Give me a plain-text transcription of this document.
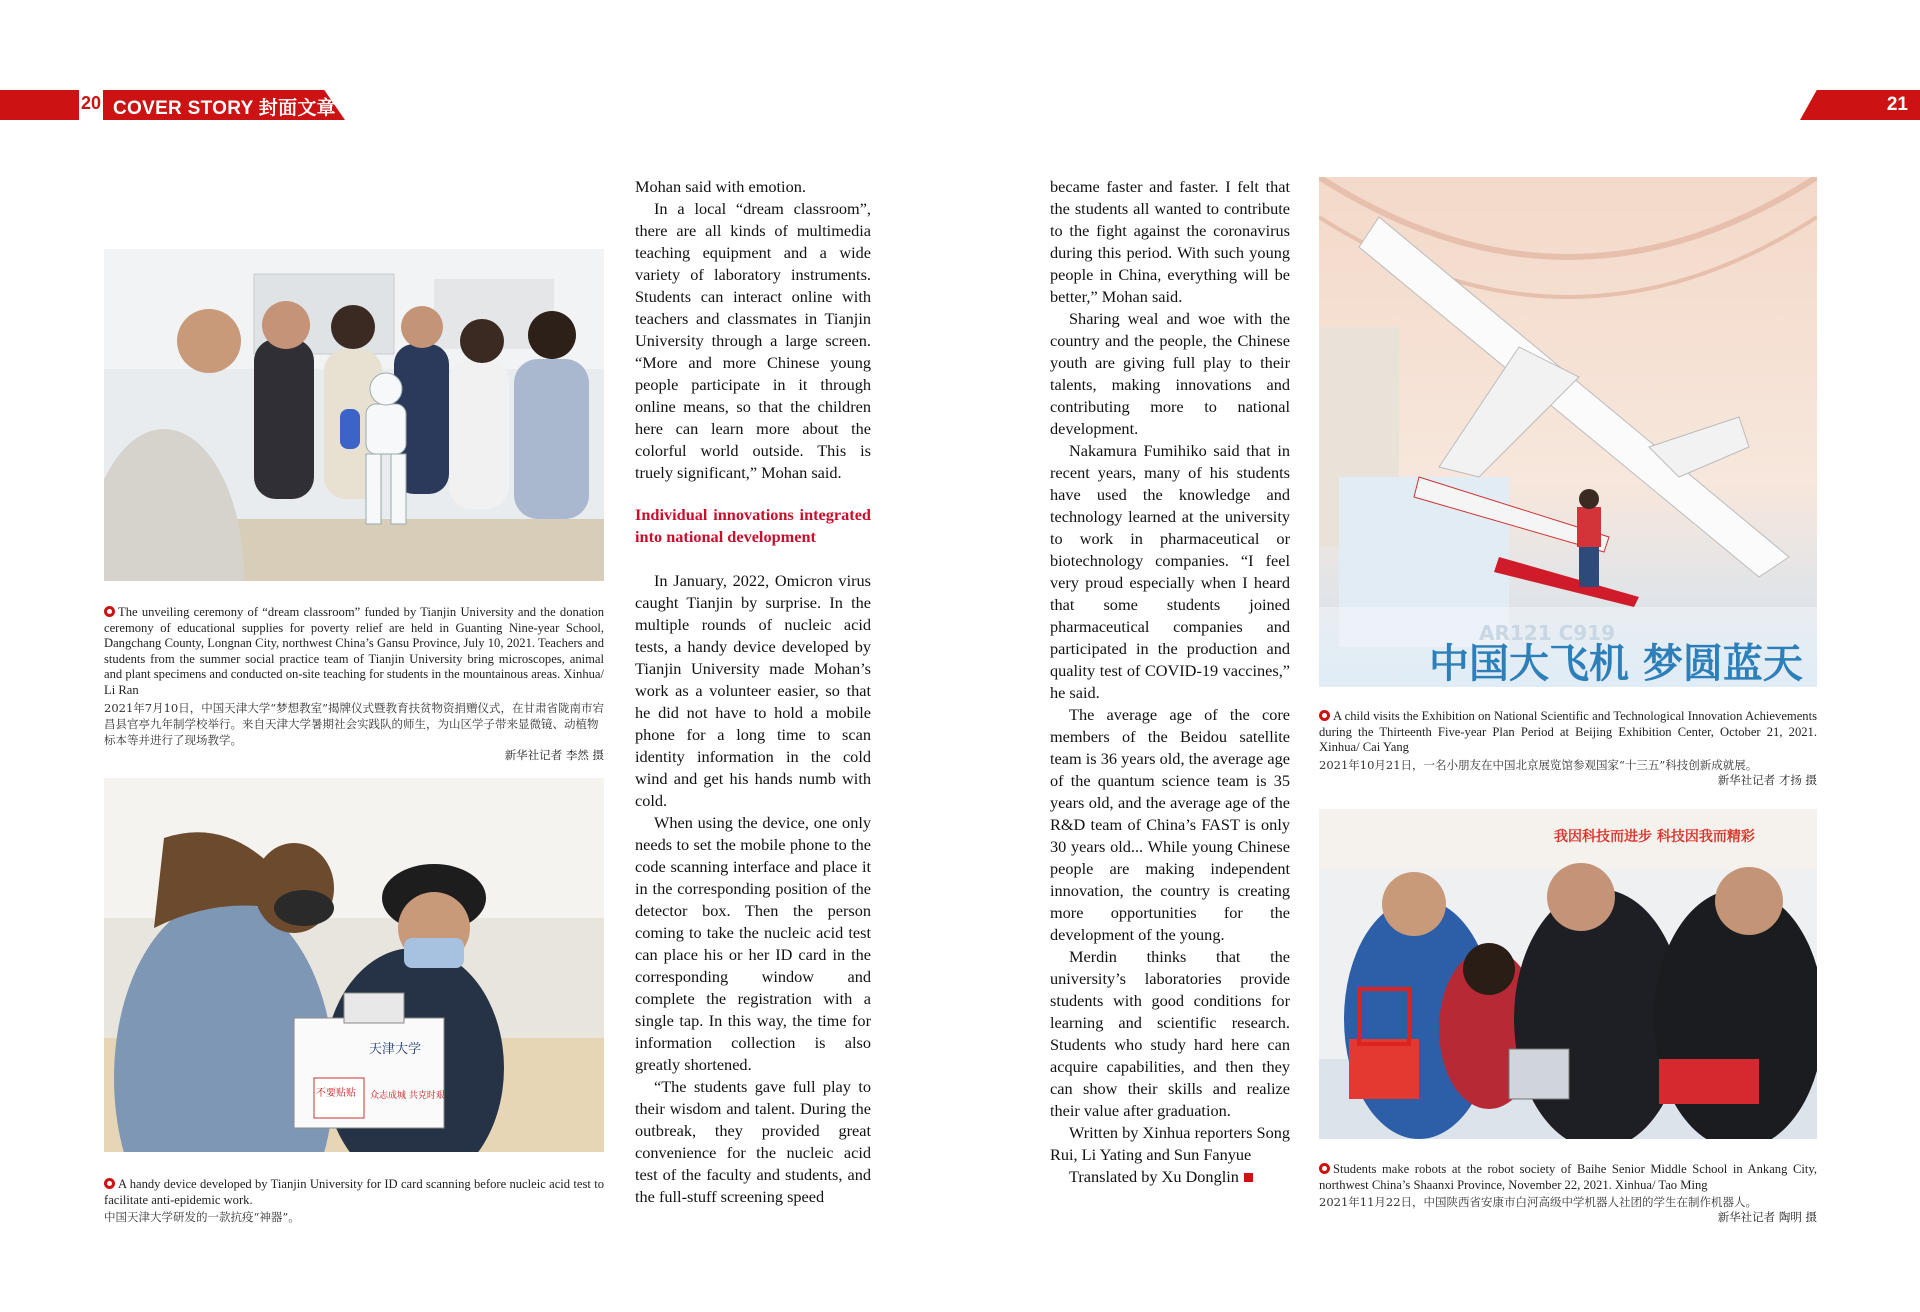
20 COVER STORY 封面文章	21
The unveiling ceremony of “dream classroom” funded by Tianjin University and the donation ceremony of educational supplies for poverty relief are held in Guanting Nine-year School, Dangchang County, Longnan City, northwest China’s Gansu Province, July 10, 2021. Teachers and students from the summer social practice team of Tianjin University bring microscopes, animal and plant specimens and conducted on-site teaching for students in the mountainous areas. Xinhua/ Li Ran
2021年7月10日，中国天津大学“梦想教室”揭牌仪式暨教育扶贫物资捐赠仪式，在甘肃省陇南市宕昌县官亭九年制学校举行。来自天津大学暑期社会实践队的师生，为山区学子带来显微镜、动植物标本等并进行了现场教学。
新华社记者 李然 摄
天津大学
不要贴贴 众志成城 共克时艰
A handy device developed by Tianjin University for ID card scanning before nucleic acid test to facilitate anti-epidemic work.
中国天津大学研发的一款抗疫“神器”。

Mohan said with emotion.

In a local “dream classroom”, there are all kinds of multimedia teaching equipment and a wide variety of laboratory instruments. Students can interact online with teachers and classmates in Tianjin University through a large screen. “More and more Chinese young people participate in it through online means, so that the children here can learn more about the colorful world outside. This is truely significant,” Mohan said.

Individual innovations integrated into national development

In January, 2022, Omicron virus caught Tianjin by surprise. In the multiple rounds of nucleic acid tests, a handy device developed by Tianjin University made Mohan’s work as a volunteer easier, so that he did not have to hold a mobile phone for a long time to scan identity information in the cold wind and get his hands numb with cold.

When using the device, one only needs to set the mobile phone to the code scanning interface and place it in the corresponding position of the detector box. Then the person coming to take the nucleic acid test can place his or her ID card in the corresponding window and complete the registration with a single tap. In this way, the time for information collection is also greatly shortened.

“The students gave full play to their wisdom and talent. During the outbreak, they provided great convenience for the nucleic acid test of the faculty and students, and the full-stuff screening speed

became faster and faster. I felt that the students all wanted to contribute to the fight against the coronavirus during this period. With such young people in China, everything will be better,” Mohan said.

Sharing weal and woe with the country and the people, the Chinese youth are giving full play to their talents, making innovations and contributing more to national development.

Nakamura Fumihiko said that in recent years, many of his students have used the knowledge and technology learned at the university to work in pharmaceutical or biotechnology companies. “I feel very proud especially when I heard that some students joined pharmaceutical companies and participated in the production and quality test of COVID-19 vaccines,” he said.

The average age of the core members of the Beidou satellite team is 36 years old, the average age of the quantum science team is 35 years old, and the average age of the R&D team of China’s FAST is only 30 years old... While young Chinese people are making independent innovation, the country is creating more opportunities for the development of the young.

Merdin thinks that the university’s laboratories provide students with good conditions for learning and scientific research. Students who study hard here can acquire capabilities, and then they can show their skills and realize their value after graduation.

Written by Xinhua reporters Song Rui, Li Yating and Sun Fanyue

Translated by Xu Donglin

AR121 C919
中国大飞机 梦圆蓝天
A child visits the Exhibition on National Scientific and Technological Innovation Achievements during the Thirteenth Five-year Plan Period at Beijing Exhibition Center, October 21, 2021. Xinhua/ Cai Yang
2021年10月21日，一名小朋友在中国北京展览馆参观国家“十三五”科技创新成就展。
新华社记者 才扬 摄
我因科技而进步 科技因我而精彩
Students make robots at the robot society of Baihe Senior Middle School in Ankang City, northwest China’s Shaanxi Province, November 22, 2021. Xinhua/ Tao Ming
2021年11月22日，中国陕西省安康市白河高级中学机器人社团的学生在制作机器人。
新华社记者 陶明 摄
